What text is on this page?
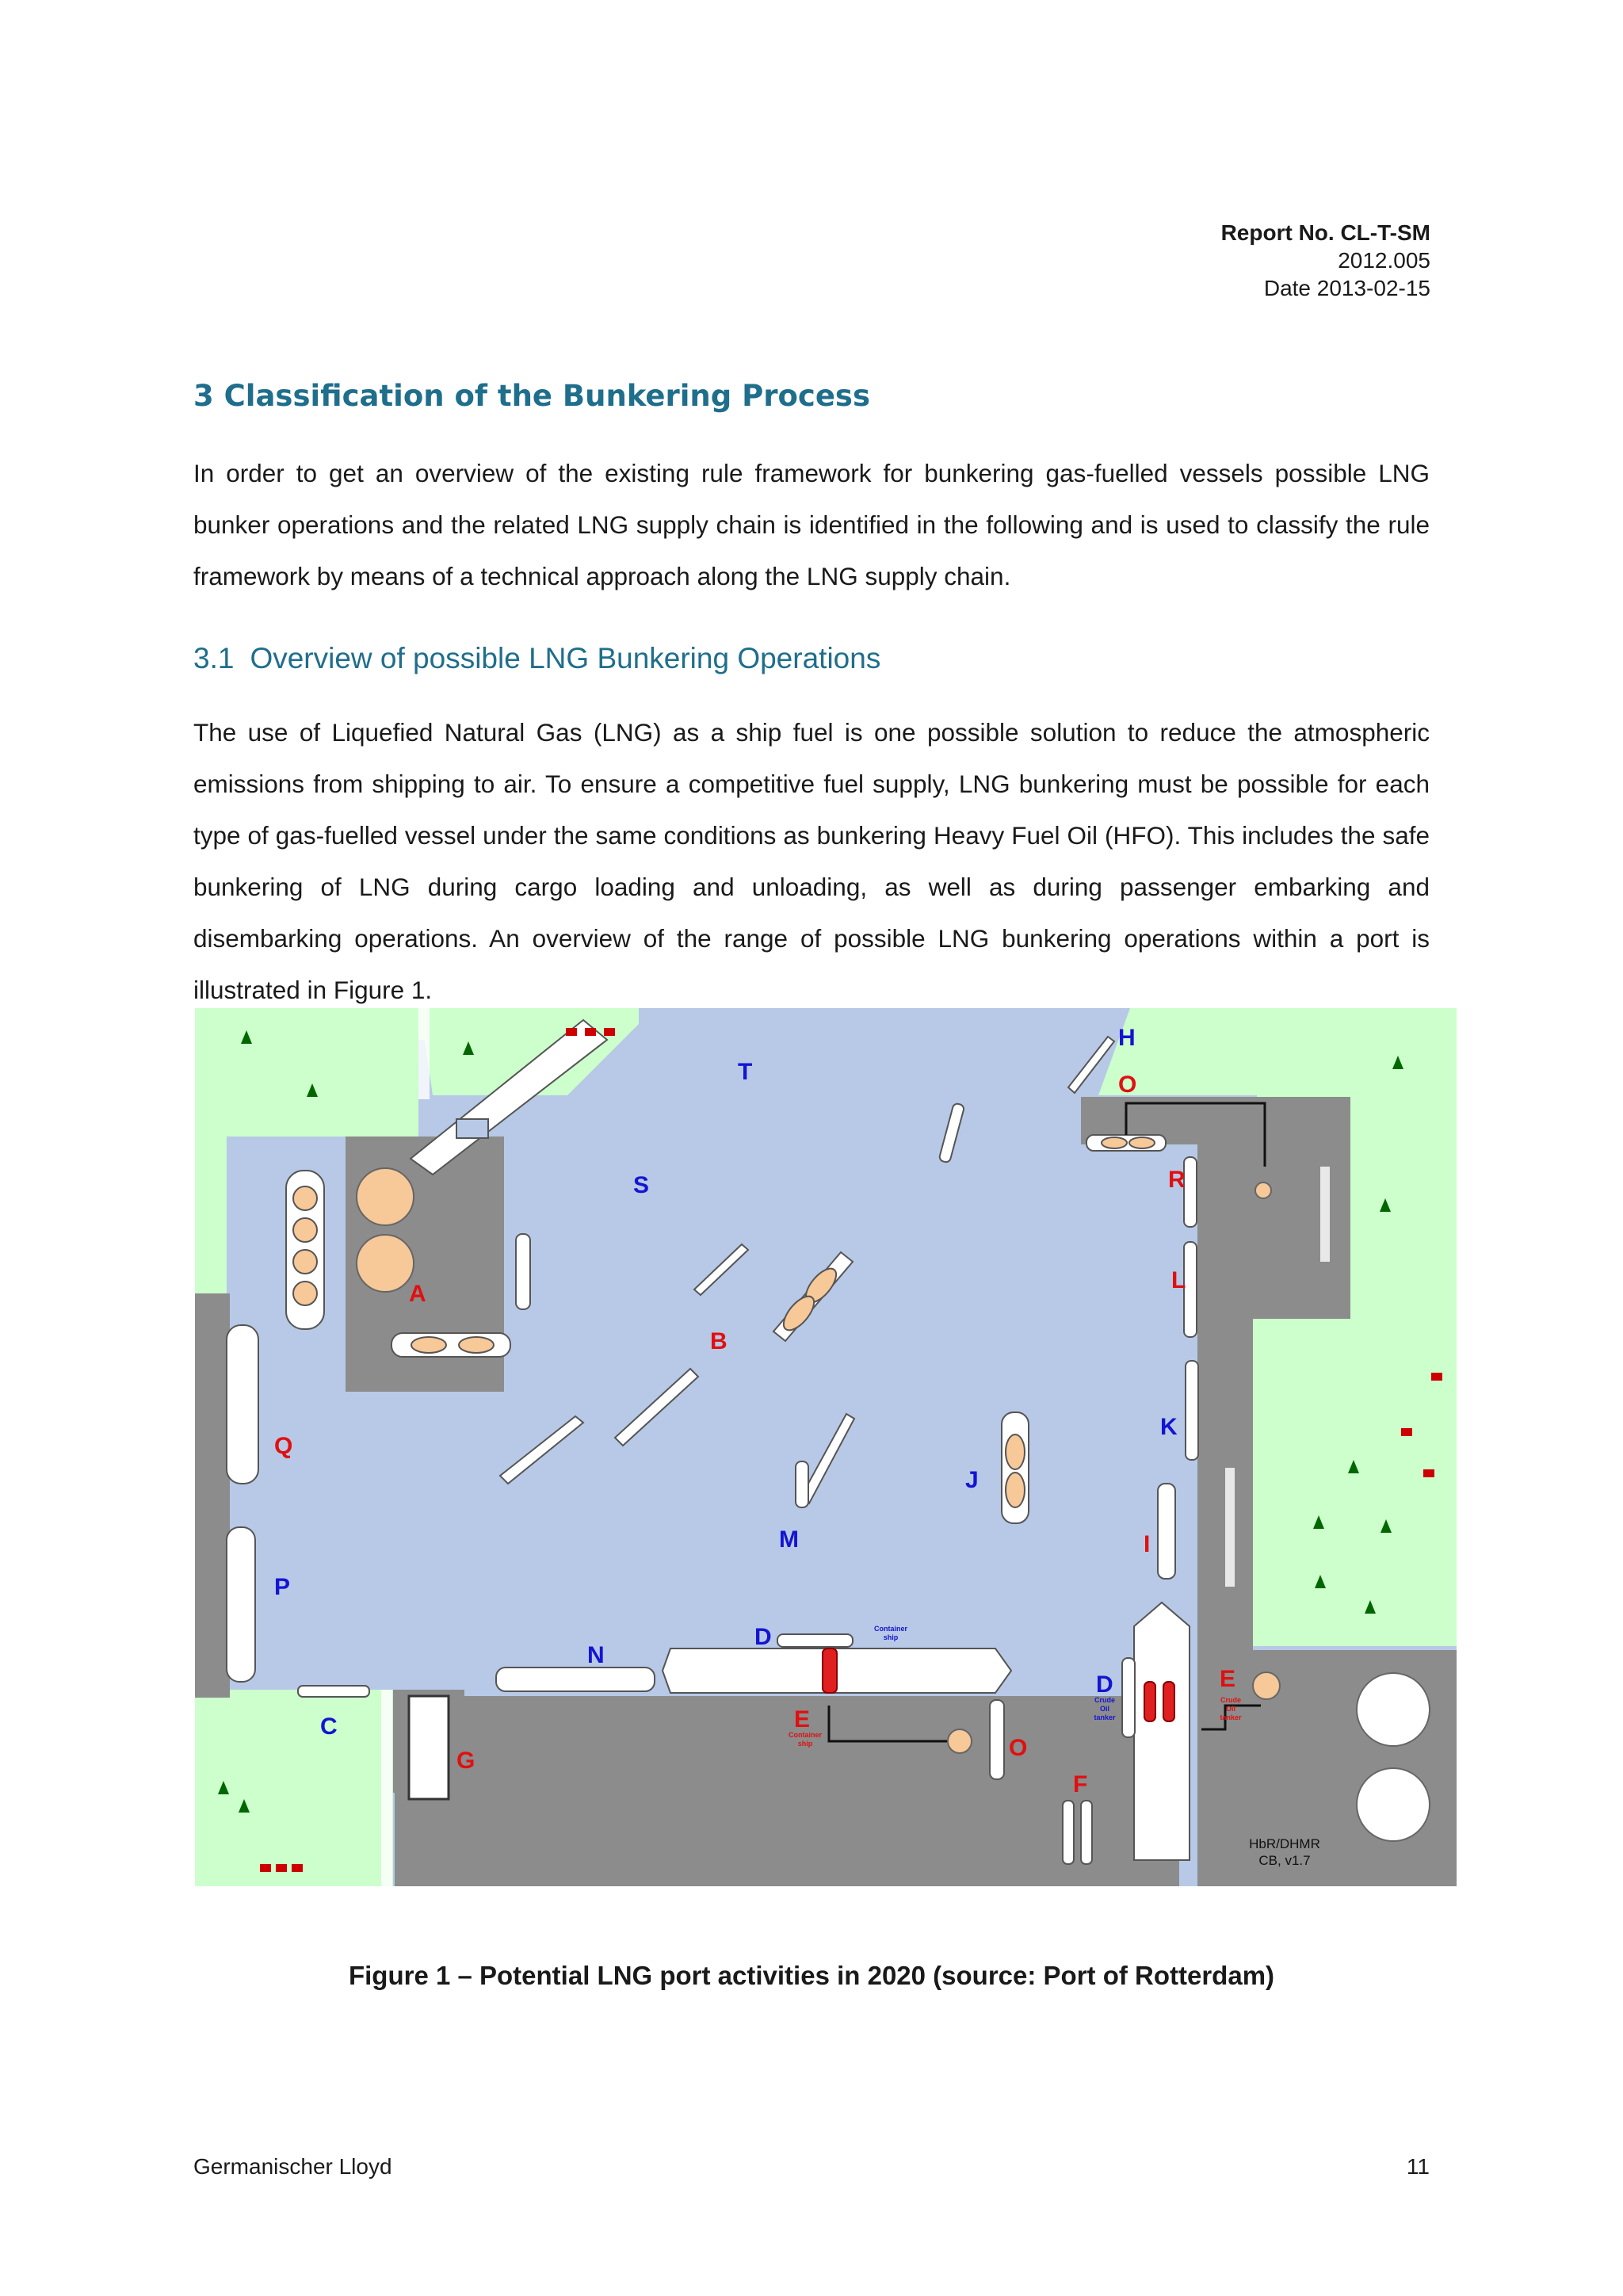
Report No. CL-T-SM
2012.005
Date 2013-02-15
3 Classification of the Bunkering Process

In order to get an overview of the existing rule framework for bunkering gas-fuelled vessels possible LNG bunker operations and the related LNG supply chain is identified in the following and is used to classify the rule framework by means of a technical approach along the LNG supply chain.

3.1 Overview of possible LNG Bunkering Operations

The use of Liquefied Natural Gas (LNG) as a ship fuel is one possible solution to reduce the atmospheric emissions from shipping to air. To ensure a competitive fuel supply, LNG bunkering must be possible for each type of gas-fuelled vessel under the same conditions as bunkering Heavy Fuel Oil (HFO). This includes the safe bunkering of LNG during cargo loading and unloading, as well as during passenger embarking and disembarking operations. An overview of the range of possible LNG bunkering operations within a port is illustrated in Figure 1.

H
O
T
S	R
L
A
B
K
Q
J
M	I
P
N
D
D
E
E
C
G	O
F
Container
ship
Container
ship
Crude
Oil
tanker
Crude
Oil
tanker
HbR/DHMR
CB, v1.7
Figure 1 – Potential LNG port activities in 2020 (source: Port of Rotterdam)
Germanischer Lloyd	11
